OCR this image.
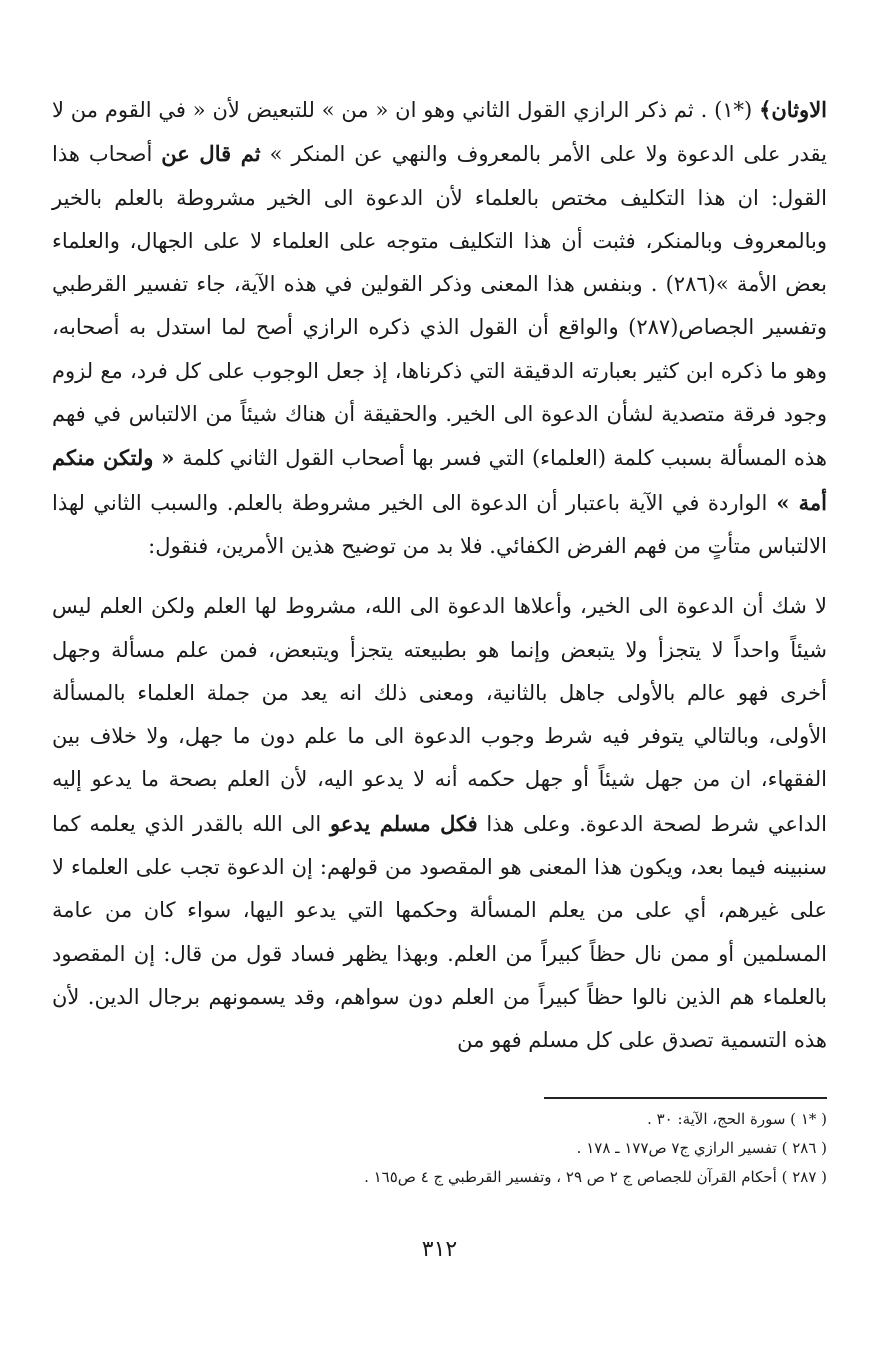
الاوثان﴾ (*١) . ثم ذكر الرازي القول الثاني وهو ان « من » للتبعيض لأن « في القوم من لا يقدر على الدعوة ولا على الأمر بالمعروف والنهي عن المنكر » ثم قال عن أصحاب هذا القول: ان هذا التكليف مختص بالعلماء لأن الدعوة الى الخير مشروطة بالعلم بالخير وبالمعروف وبالمنكر، فثبت أن هذا التكليف متوجه على العلماء لا على الجهال، والعلماء بعض الأمة »(٢٨٦) . وبنفس هذا المعنى وذكر القولين في هذه الآية، جاء تفسير القرطبي وتفسير الجصاص(٢٨٧) والواقع أن القول الذي ذكره الرازي أصح لما استدل به أصحابه، وهو ما ذكره ابن كثير بعبارته الدقيقة التي ذكرناها، إذ جعل الوجوب على كل فرد، مع لزوم وجود فرقة متصدية لشأن الدعوة الى الخير. والحقيقة أن هناك شيئاً من الالتباس في فهم هذه المسألة بسبب كلمة (العلماء) التي فسر بها أصحاب القول الثاني كلمة « ولتكن منكم أمة » الواردة في الآية باعتبار أن الدعوة الى الخير مشروطة بالعلم. والسبب الثاني لهذا الالتباس متأتٍ من فهم الفرض الكفائي. فلا بد من توضيح هذين الأمرين، فنقول:

لا شك أن الدعوة الى الخير، وأعلاها الدعوة الى الله، مشروط لها العلم ولكن العلم ليس شيئاً واحداً لا يتجزأ ولا يتبعض وإنما هو بطبيعته يتجزأ ويتبعض، فمن علم مسألة وجهل أخرى فهو عالم بالأولى جاهل بالثانية، ومعنى ذلك انه يعد من جملة العلماء بالمسألة الأولى، وبالتالي يتوفر فيه شرط وجوب الدعوة الى ما علم دون ما جهل، ولا خلاف بين الفقهاء، ان من جهل شيئاً أو جهل حكمه أنه لا يدعو اليه، لأن العلم بصحة ما يدعو إليه الداعي شرط لصحة الدعوة. وعلى هذا فكل مسلم يدعو الى الله بالقدر الذي يعلمه كما سنبينه فيما بعد، ويكون هذا المعنى هو المقصود من قولهم: إن الدعوة تجب على العلماء لا على غيرهم، أي على من يعلم المسألة وحكمها التي يدعو اليها، سواء كان من عامة المسلمين أو ممن نال حظاً كبيراً من العلم. وبهذا يظهر فساد قول من قال: إن المقصود بالعلماء هم الذين نالوا حظاً كبيراً من العلم دون سواهم، وقد يسمونهم برجال الدين. لأن هذه التسمية تصدق على كل مسلم فهو من

( *١ ) سورة الحج، الآية: ٣٠ .
( ٢٨٦ ) تفسير الرازي ج٧ ص١٧٧ ـ ١٧٨ .
( ٢٨٧ ) أحكام القرآن للجصاص ج ٢ ص ٢٩ ، وتفسير القرطبي ج ٤ ص١٦٥ .
٣١٢
